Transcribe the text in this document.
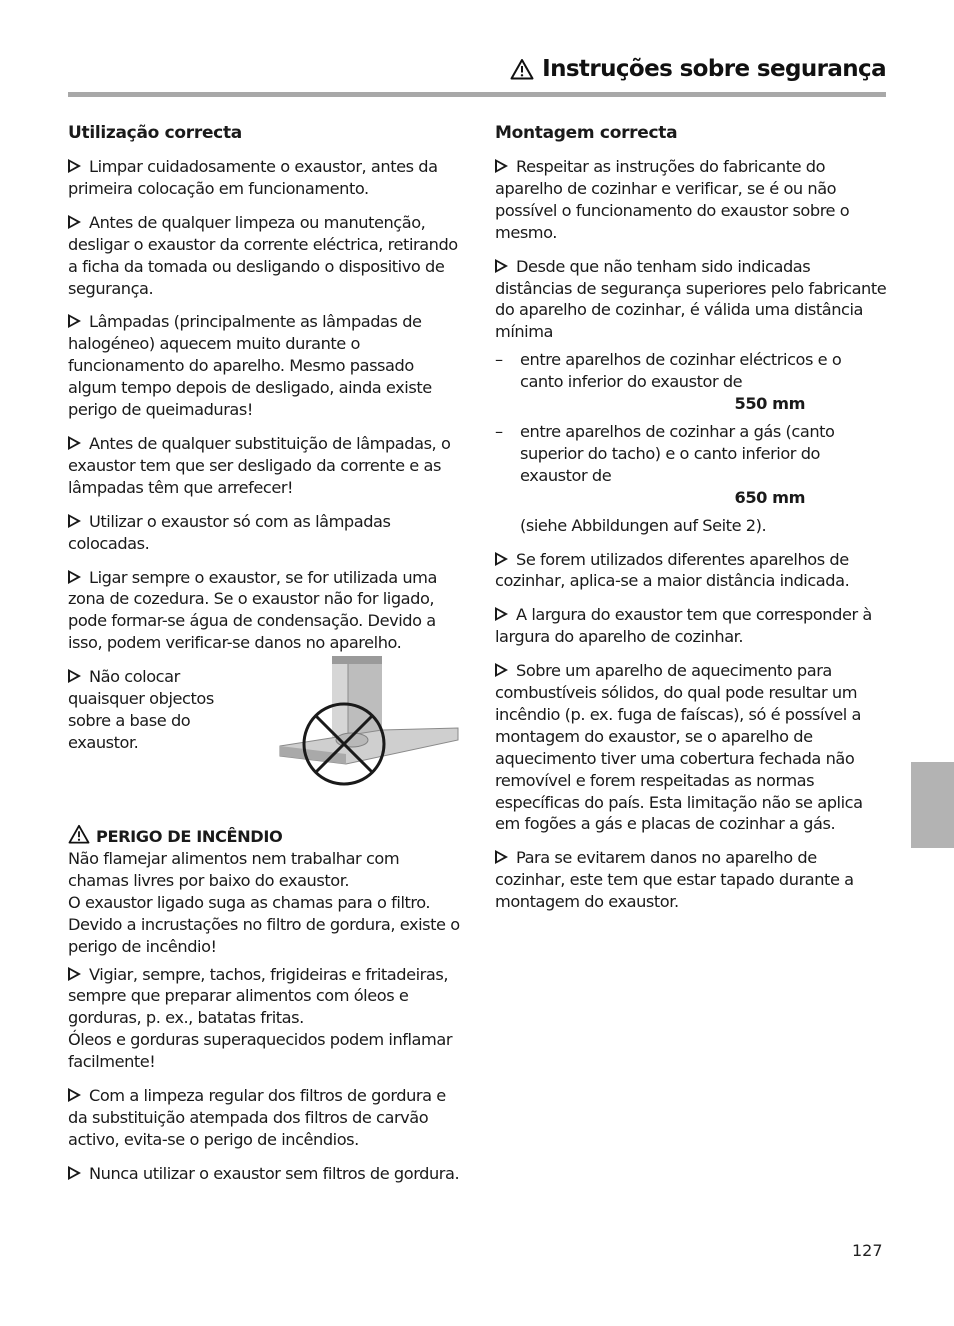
Instruções sobre segurança
Utilização correcta

Limpar cuidadosamente o exaustor, antes da primeira colocação em funcionamento.

Antes de qualquer limpeza ou manutenção, desligar o exaustor da corrente eléctrica, retirando a ficha da tomada ou desligando o dispositivo de segurança.

Lâmpadas (principalmente as lâmpadas de halogéneo) aquecem muito durante o funcionamento do aparelho. Mesmo passado algum tempo depois de desligado, ainda existe perigo de queimaduras!

Antes de qualquer substituição de lâmpadas, o exaustor tem que ser desligado da corrente e as lâmpadas têm que arrefecer!

Utilizar o exaustor só com as lâmpadas colocadas.

Ligar sempre o exaustor, se for utilizada uma zona de cozedura. Se o exaustor não for ligado, pode formar-se água de condensação. Devido a isso, podem verificar-se danos no aparelho.

Não colocar quaisquer objectos sobre a base do exaustor.

PERIGO DE INCÊNDIO
Não flamejar alimentos nem trabalhar com chamas livres por baixo do exaustor.
O exaustor ligado suga as chamas para o filtro.
Devido a incrustações no filtro de gordura, existe o perigo de incêndio!

Vigiar, sempre, tachos, frigideiras e fritadeiras, sempre que preparar alimentos com óleos e gorduras, p. ex., batatas fritas.
Óleos e gorduras superaquecidos podem inflamar facilmente!

Com a limpeza regular dos filtros de gordura e da substituição atempada dos filtros de carvão activo, evita-se o perigo de incêndios.

Nunca utilizar o exaustor sem filtros de gordura.

Montagem correcta

Respeitar as instruções do fabricante do aparelho de cozinhar e verificar, se é ou não possível o funcionamento do exaustor sobre o mesmo.

Desde que não tenham sido indicadas distâncias de segurança superiores pelo fabricante do aparelho de cozinhar, é válida uma distância mínima

– entre aparelhos de cozinhar eléctricos e o canto inferior do exaustor de
550 mm
– entre aparelhos de cozinhar a gás (canto superior do tacho) e o canto inferior do exaustor de
650 mm

(siehe Abbildungen auf Seite 2).

Se forem utilizados diferentes aparelhos de cozinhar, aplica-se a maior distância indicada.

A largura do exaustor tem que corresponder à largura do aparelho de cozinhar.

Sobre um aparelho de aquecimento para combustíveis sólidos, do qual pode resultar um incêndio (p. ex. fuga de faíscas), só é possível a montagem do exaustor, se o aparelho de aquecimento tiver uma cobertura fechada não removível e forem respeitadas as normas específicas do país. Esta limitação não se aplica em fogões a gás e placas de cozinhar a gás.

Para se evitarem danos no aparelho de cozinhar, este tem que estar tapado durante a montagem do exaustor.

127
